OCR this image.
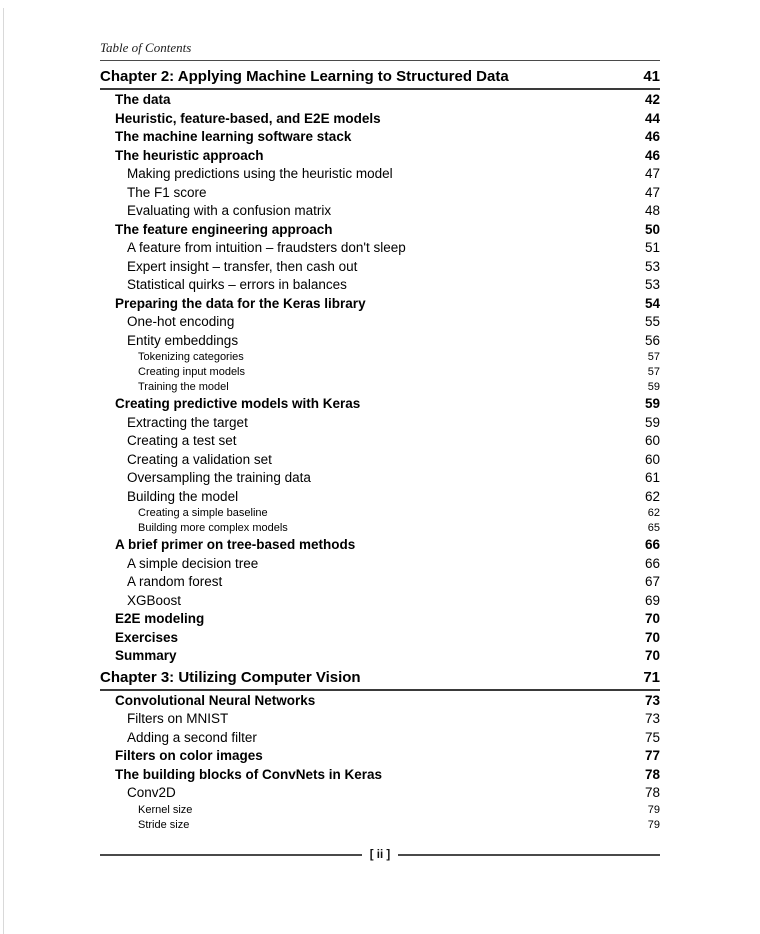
Table of Contents
Chapter 2: Applying Machine Learning to Structured Data	41
The data	42
Heuristic, feature-based, and E2E models	44
The machine learning software stack	46
The heuristic approach	46
Making predictions using the heuristic model	47
The F1 score	47
Evaluating with a confusion matrix	48
The feature engineering approach	50
A feature from intuition – fraudsters don't sleep	51
Expert insight – transfer, then cash out	53
Statistical quirks – errors in balances	53
Preparing the data for the Keras library	54
One-hot encoding	55
Entity embeddings	56
Tokenizing categories	57
Creating input models	57
Training the model	59
Creating predictive models with Keras	59
Extracting the target	59
Creating a test set	60
Creating a validation set	60
Oversampling the training data	61
Building the model	62
Creating a simple baseline	62
Building more complex models	65
A brief primer on tree-based methods	66
A simple decision tree	66
A random forest	67
XGBoost	69
E2E modeling	70
Exercises	70
Summary	70
Chapter 3: Utilizing Computer Vision	71
Convolutional Neural Networks	73
Filters on MNIST	73
Adding a second filter	75
Filters on color images	77
The building blocks of ConvNets in Keras	78
Conv2D	78
Kernel size	79
Stride size	79
[ ii ]
